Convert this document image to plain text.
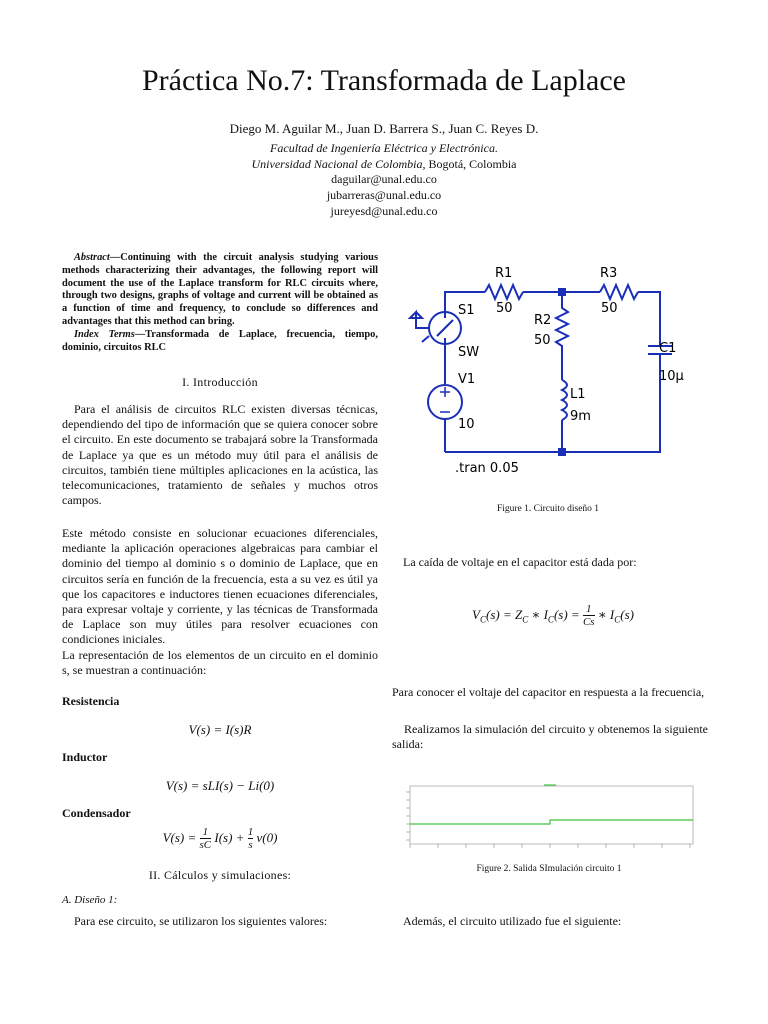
Práctica No.7: Transformada de Laplace
Diego M. Aguilar M., Juan D. Barrera S., Juan C. Reyes D.
Facultad de Ingeniería Eléctrica y Electrónica.
Universidad Nacional de Colombia, Bogotá, Colombia
daguilar@unal.edu.co
jubarreras@unal.edu.co
jureyesd@unal.edu.co
Abstract—Continuing with the circuit analysis studying various methods characterizing their advantages, the following report will document the use of the Laplace transform for RLC circuits where, through two designs, graphs of voltage and current will be obtained as a function of time and frequency, to conclude so differences and advantages that this method can bring.
Index Terms—Transformada de Laplace, frecuencia, tiempo, dominio, circuitos RLC
I. Introducción
Para el análisis de circuitos RLC existen diversas técnicas, dependiendo del tipo de información que se quiera conocer sobre el circuito. En este documento se trabajará sobre la Transformada de Laplace ya que es un método muy útil para el análisis de circuitos, también tiene múltiples aplicaciones en la acústica, las telecomunicaciones, tratamiento de señales y muchos otros campos.
Este método consiste en solucionar ecuaciones diferenciales, mediante la aplicación operaciones algebraicas para cambiar el dominio del tiempo al dominio s o dominio de Laplace, que en circuitos sería en función de la frecuencia, esta a su vez es útil ya que los capacitores e inductores tienen ecuaciones diferenciales, para expresar voltaje y corriente, y las técnicas de Transformada de Laplace son muy útiles para resolver ecuaciones con condiciones iniciales.
La representación de los elementos de un circuito en el dominio s, se muestran a continuación:
Resistencia
V(s) = I(s)R
Inductor
V(s) = sLI(s) − Li(0)
Condensador
$V(s) = \frac{1}{sC} I(s) + \frac{1}{s} v(0)$
II. Cálculos y simulaciones:
A. Diseño 1:
Para ese circuito, se utilizaron los siguientes valores:
R1
50
R3
50
R2
50
S1
SW
V1
10
L1
9m
C1
10μ
.tran 0.05
Figure 1. Circuito diseño 1
La caída de voltaje en el capacitor está dada por:
$V_C(s) = Z_C$ ∗ $I_C(s) = \frac{1}{Cs}$ ∗ $I_C(s)$
Para conocer el voltaje del capacitor en respuesta a la frecuencia,
Realizamos la simulación del circuito y obtenemos la siguiente salida:
Figure 2. Salida SImulación circuito 1
Además, el circuito utilizado fue el siguiente:
